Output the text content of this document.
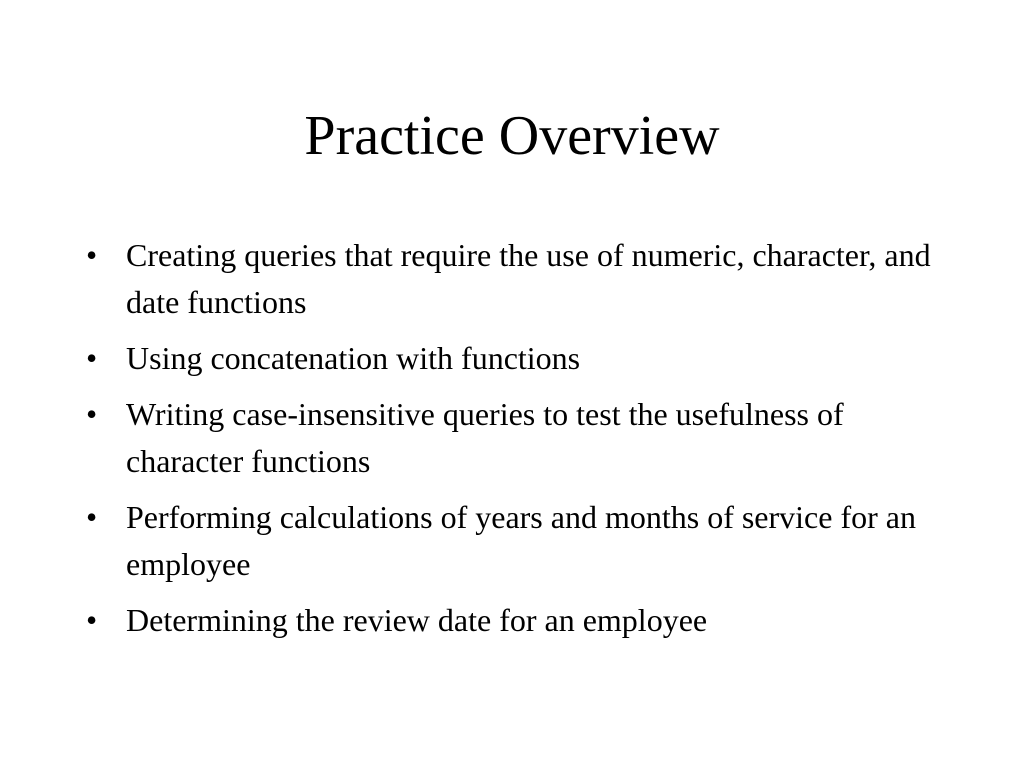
Practice Overview
• Creating queries that require the use of numeric, character, and date functions
• Using concatenation with functions
• Writing case-insensitive queries to test the usefulness of character functions
• Performing calculations of years and months of service for an employee
• Determining the review date for an employee
